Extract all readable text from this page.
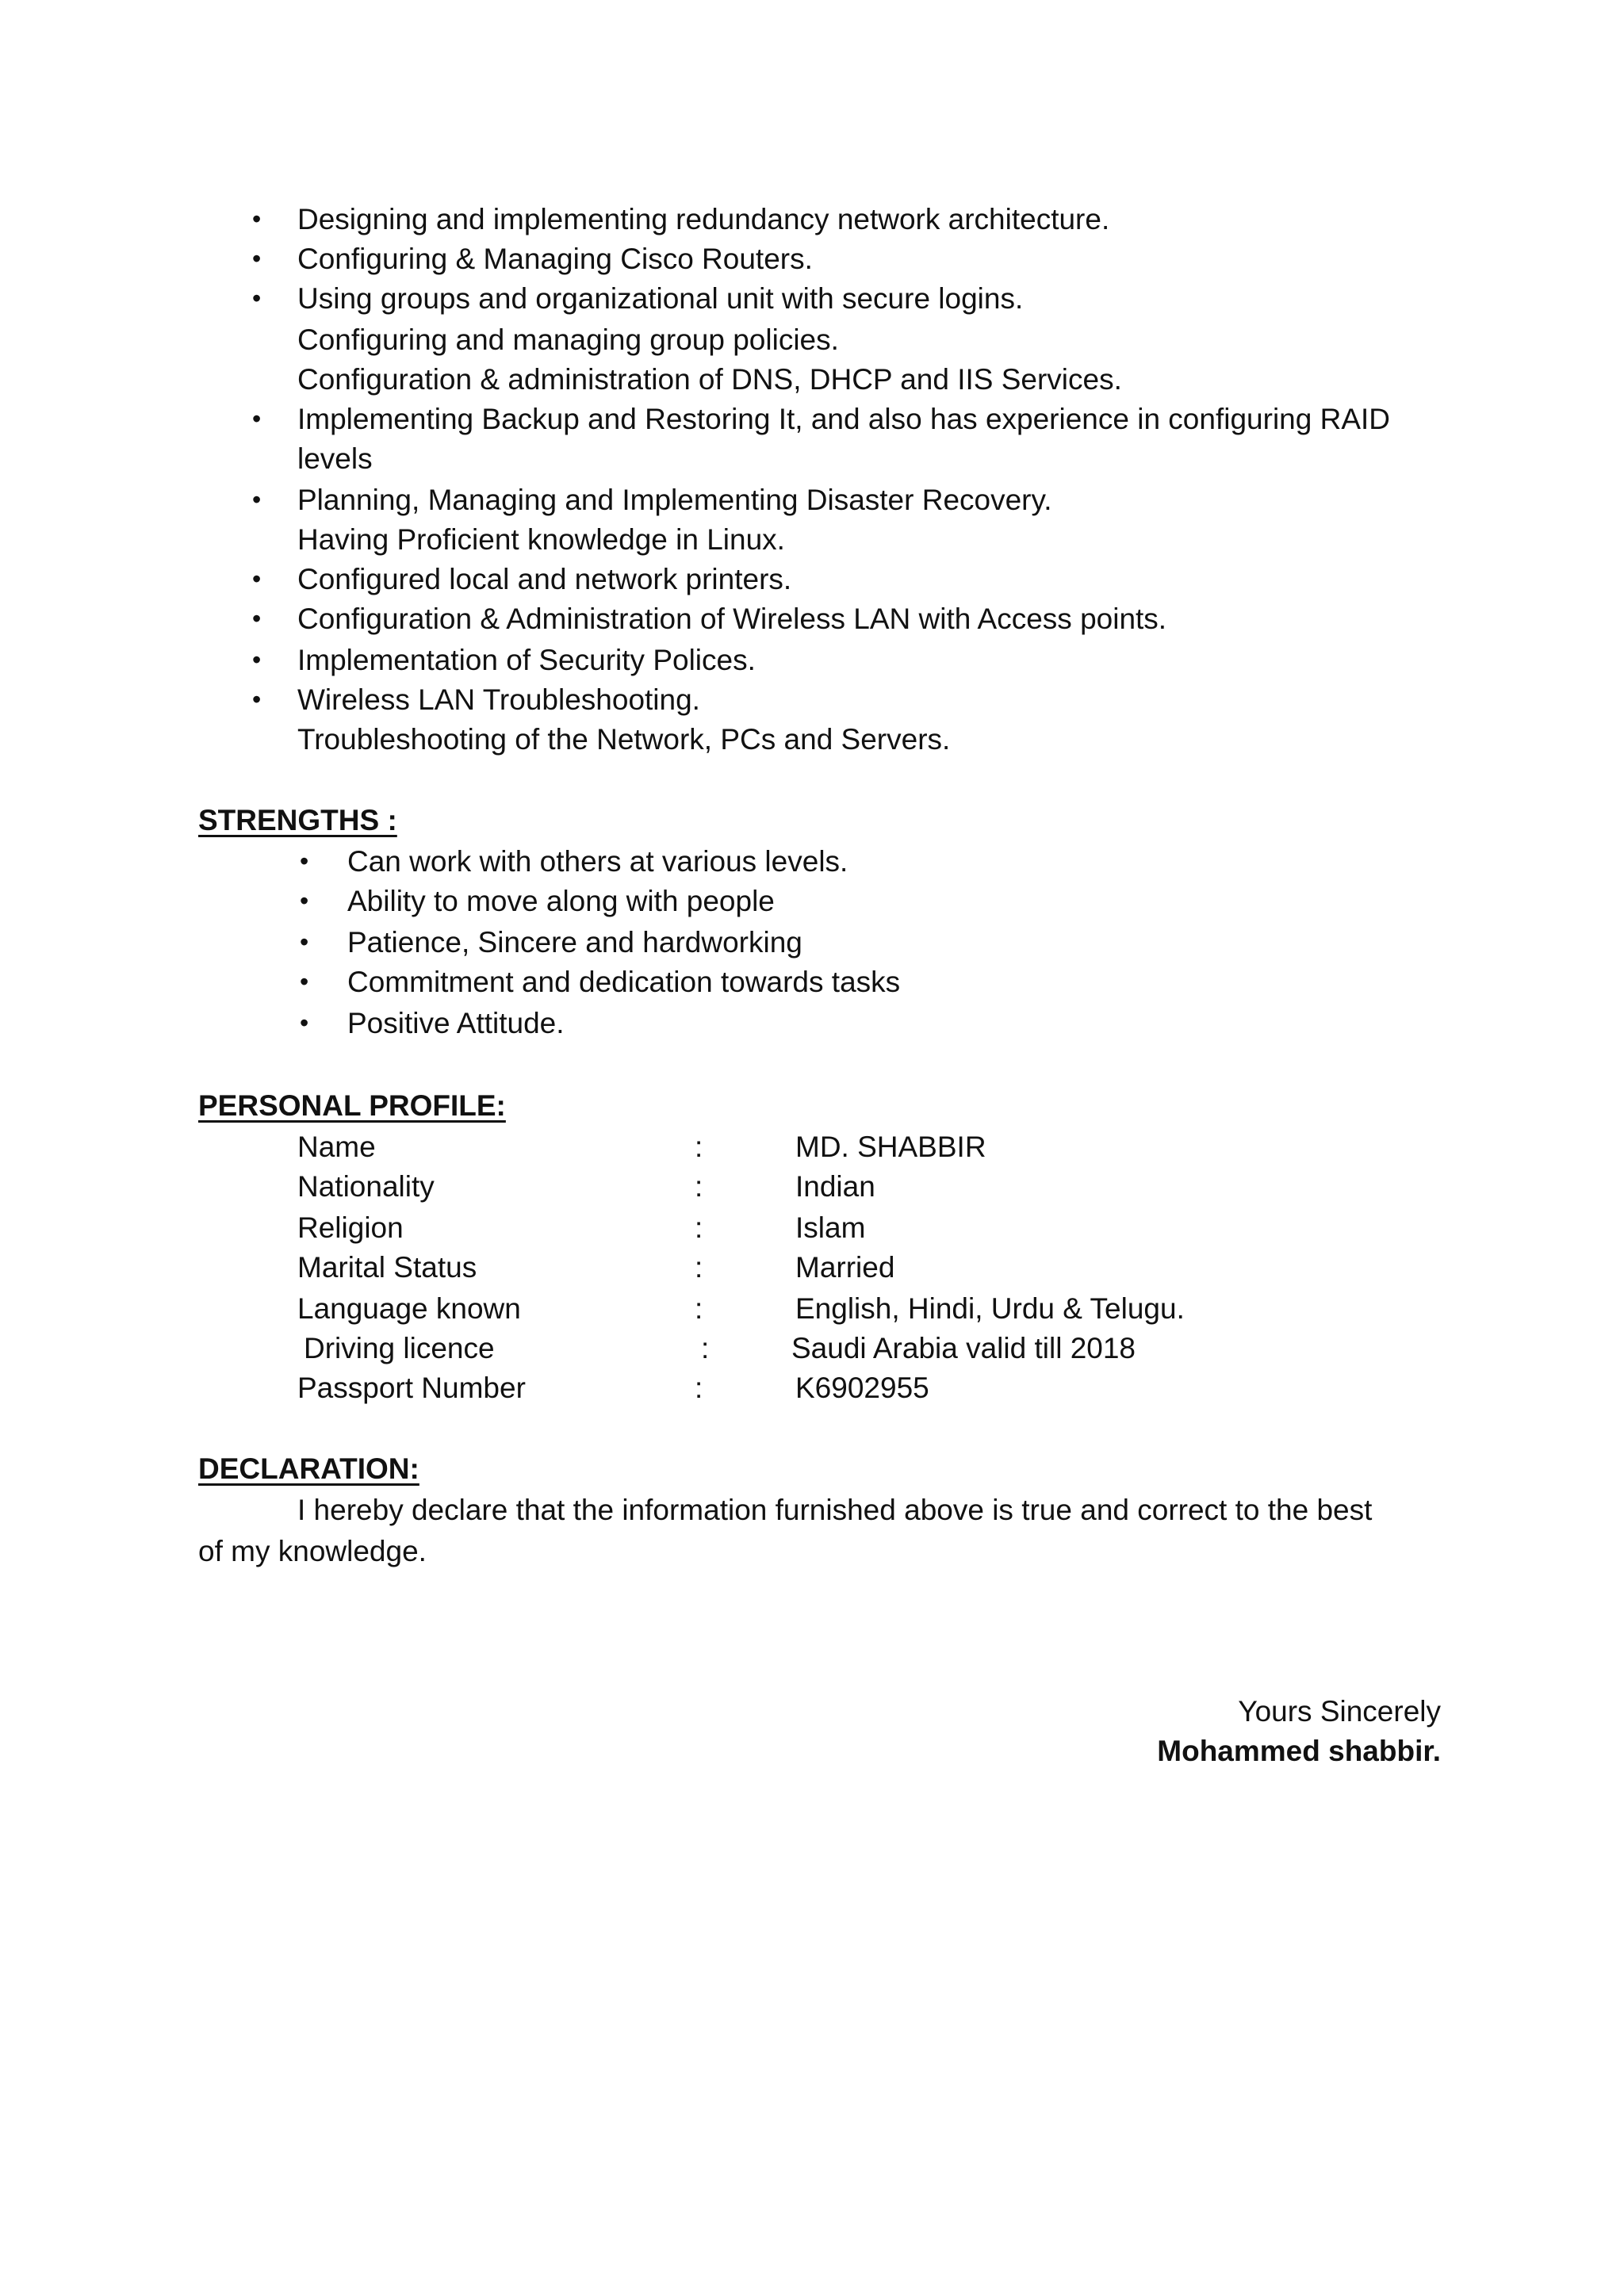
• Designing and implementing redundancy network architecture.
• Configuring & Managing Cisco Routers.
• Using groups and organizational unit with secure logins.
Configuring and managing group policies.
Configuration & administration of DNS, DHCP and IIS Services.
• Implementing Backup and Restoring It, and also has experience in configuring RAID
levels
• Planning, Managing and Implementing Disaster Recovery.
Having Proficient knowledge in Linux.
• Configured local and network printers.
• Configuration & Administration of Wireless LAN with Access points.
• Implementation of Security Polices.
• Wireless LAN Troubleshooting.
Troubleshooting of the Network, PCs and Servers.
STRENGTHS :
• Can work with others at various levels.
• Ability to move along with people
• Patience, Sincere and hardworking
• Commitment and dedication towards tasks
• Positive Attitude.
PERSONAL PROFILE:
Name	:	MD. SHABBIR
Nationality	:	Indian
Religion	:	Islam
Marital Status	:	Married
Language known	:	English, Hindi, Urdu & Telugu.
Driving licence	:	Saudi Arabia valid till 2018
Passport Number	:	K6902955
DECLARATION:
I hereby declare that the information furnished above is true and correct to the best
of my knowledge.
Yours Sincerely
Mohammed shabbir.
